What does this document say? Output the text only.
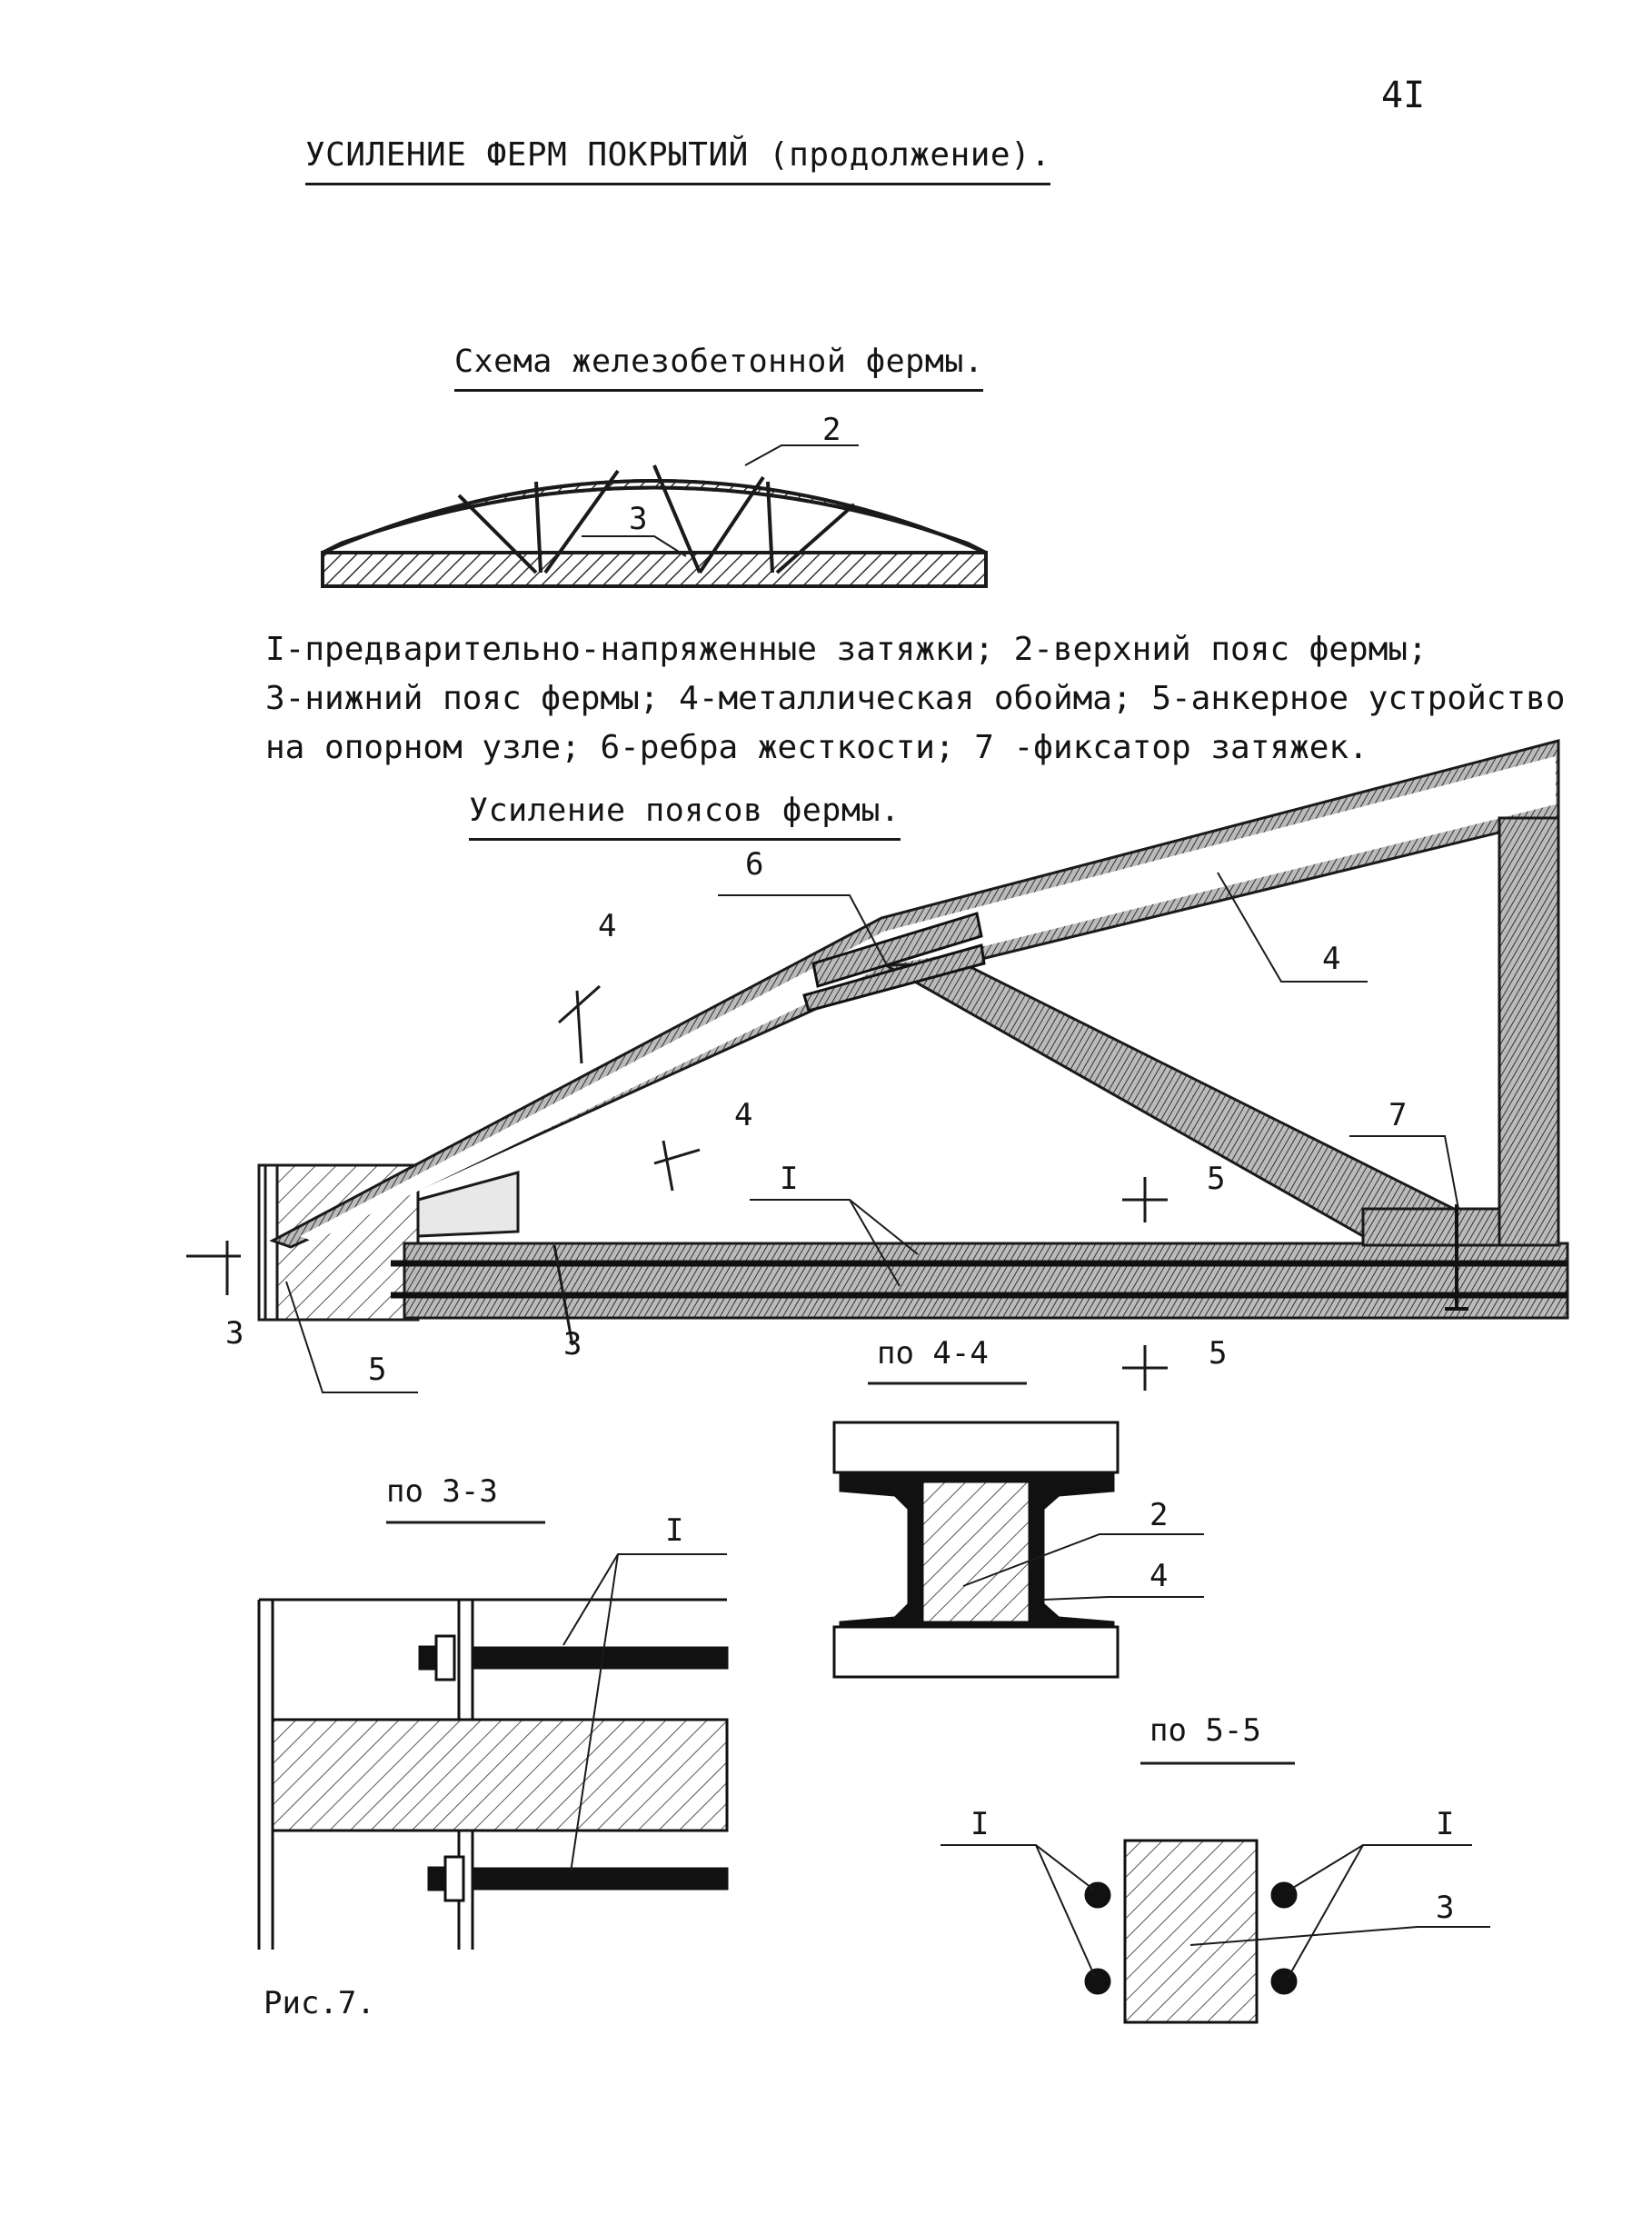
4I
УСИЛЕНИЕ ФЕРМ ПОКРЫТИЙ (продолжение).
Схема железобетонной фермы.

I-предварительно-напряженные затяжки; 2-верхний пояс фермы;
3-нижний пояс фермы; 4-металлическая обойма; 5-анкерное устройство
на опорном узле; 6-ребра жесткости; 7 -фиксатор затяжек.

Усиление поясов фермы.
2
3
6
4
4
4
I	5
7
3	3
5	5
по 4-4
по 3-3
по 5-5
2
4
I
Рис.7.
I	I
3
